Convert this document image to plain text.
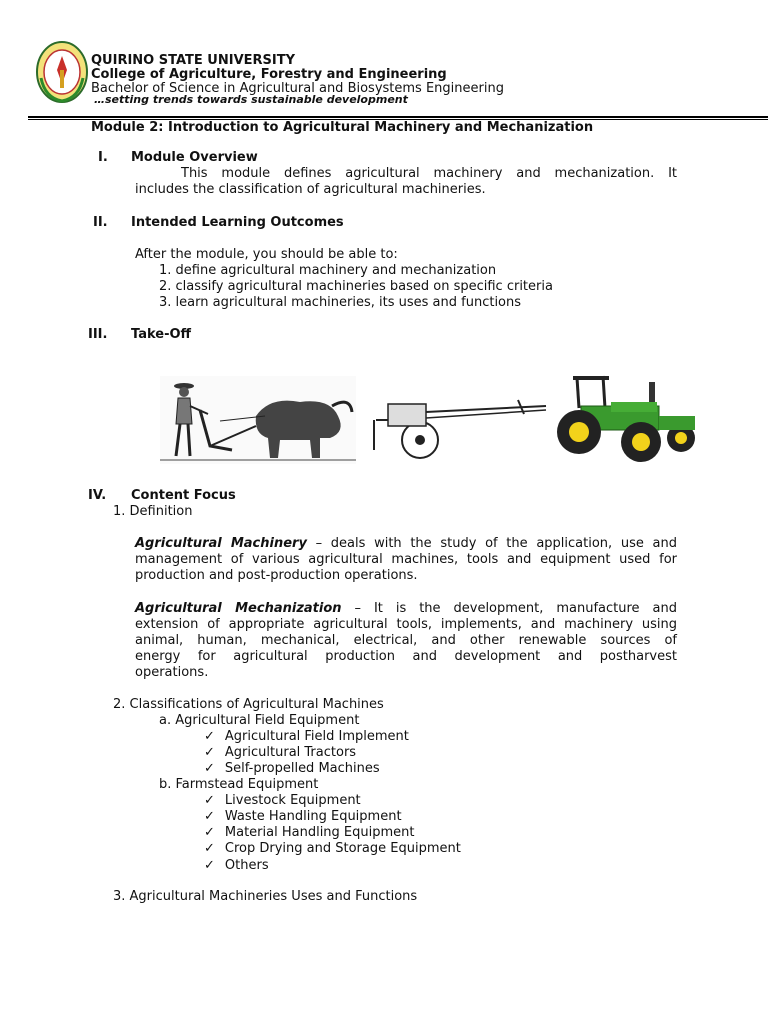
QUIRINO STATE UNIVERSITY
College of Agriculture, Forestry and Engineering
Bachelor of Science in Agricultural and Biosystems Engineering
…setting trends towards sustainable development
Module 2: Introduction to Agricultural Machinery and Mechanization
I. Module Overview
This module defines agricultural machinery and mechanization. It
includes the classification of agricultural machineries.
II. Intended Learning Outcomes
After the module, you should be able to:
1. define agricultural machinery and mechanization
2. classify agricultural machineries based on specific criteria
3. learn agricultural machineries, its uses and functions
III. Take-Off
IV. Content Focus
1. Definition
Agricultural Machinery – deals with the study of the application, use and
management of various agricultural machines, tools and equipment used for
production and post-production operations.
Agricultural Mechanization – It is the development, manufacture and
extension of appropriate agricultural tools, implements, and machinery using
animal, human, mechanical, electrical, and other renewable sources of
energy for agricultural production and development and postharvest
operations.
2. Classifications of Agricultural Machines
a. Agricultural Field Equipment
✓ Agricultural Field Implement
✓ Agricultural Tractors
✓ Self-propelled Machines
b. Farmstead Equipment
✓ Livestock Equipment
✓ Waste Handling Equipment
✓ Material Handling Equipment
✓ Crop Drying and Storage Equipment
✓ Others
3. Agricultural Machineries Uses and Functions
